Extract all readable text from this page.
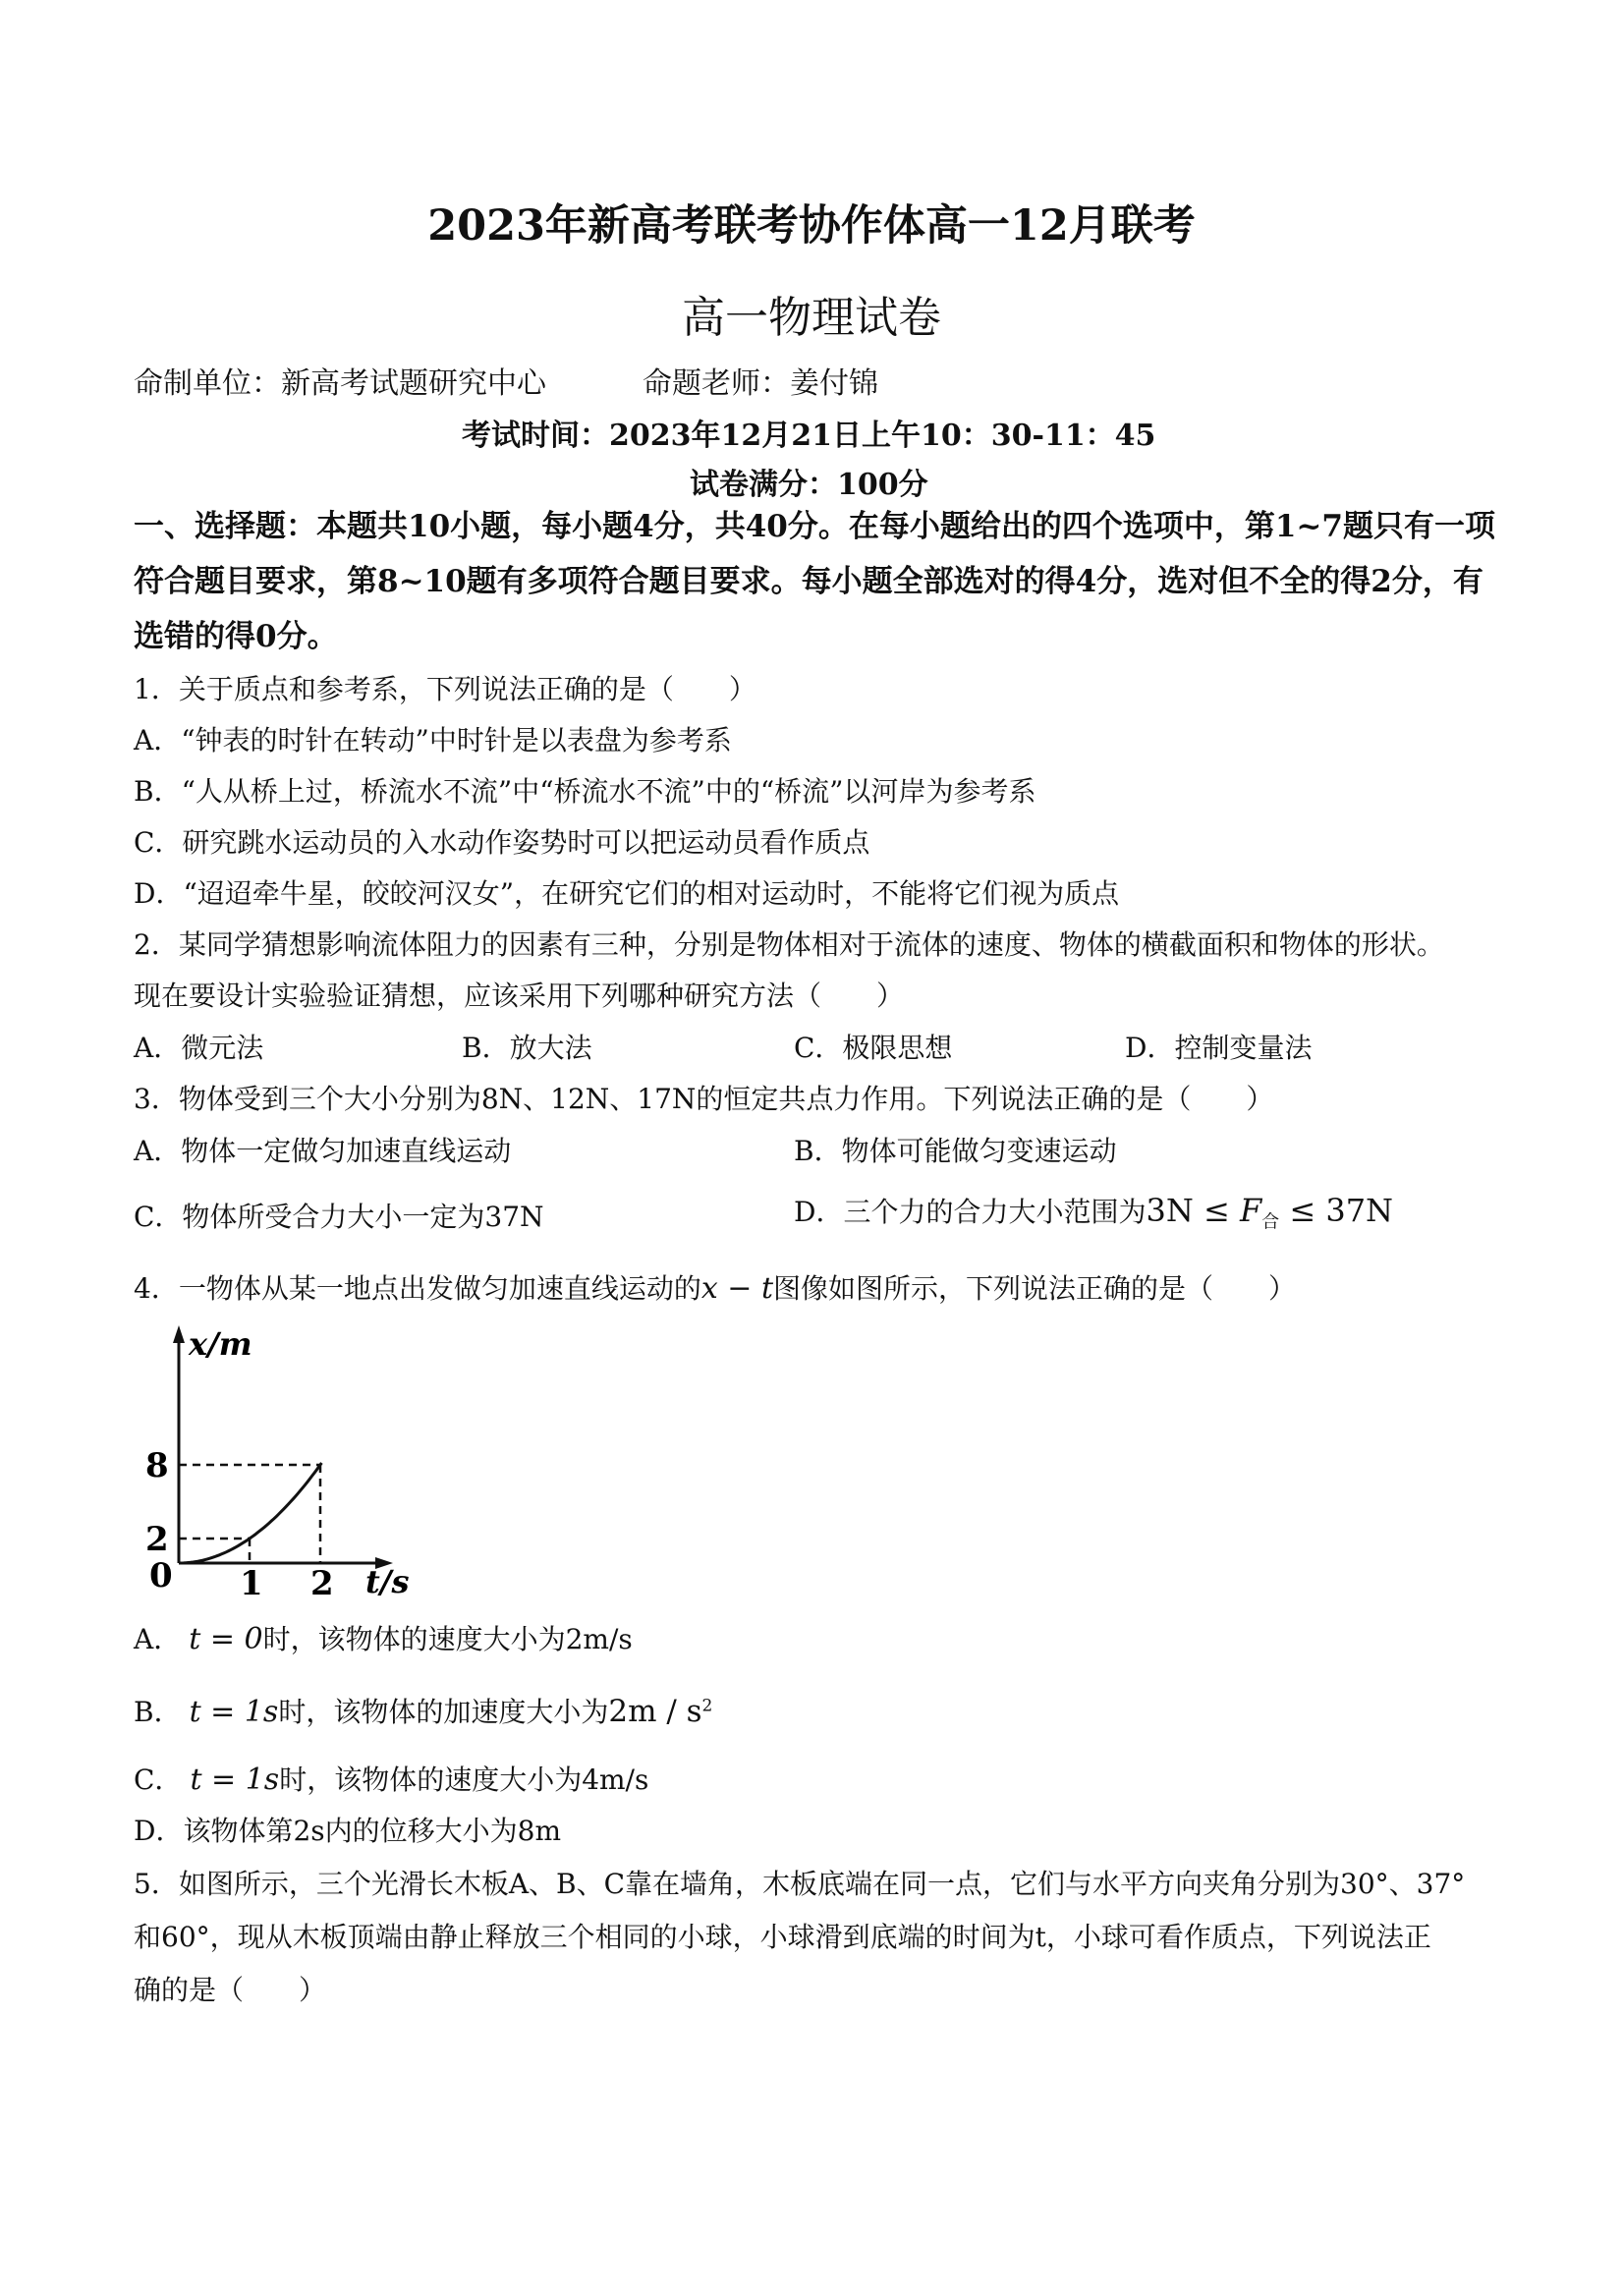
2023年新高考联考协作体高一12月联考
高一物理试卷
命制单位：新高考试题研究中心	命题老师：姜付锦
考试时间：2023年12月21日上午10：30-11：45
试卷满分：100分
一、选择题：本题共10小题，每小题4分，共40分。在每小题给出的四个选项中，第1~7题只有一项符合题目要求，第8~10题有多项符合题目要求。每小题全部选对的得4分，选对但不全的得2分，有选错的得0分。
1．关于质点和参考系，下列说法正确的是（　　）
A．“钟表的时针在转动”中时针是以表盘为参考系
B．“人从桥上过，桥流水不流”中“桥流水不流”中的“桥流”以河岸为参考系
C．研究跳水运动员的入水动作姿势时可以把运动员看作质点
D．“迢迢牵牛星，皎皎河汉女”，在研究它们的相对运动时，不能将它们视为质点
2．某同学猜想影响流体阻力的因素有三种，分别是物体相对于流体的速度、物体的横截面积和物体的形状。
现在要设计实验验证猜想，应该采用下列哪种研究方法（　　）
A．微元法	B．放大法	C．极限思想	D．控制变量法
3．物体受到三个大小分别为8N、12N、17N的恒定共点力作用。下列说法正确的是（　　）
A．物体一定做匀加速直线运动	B．物体可能做匀变速运动
C．物体所受合力大小一定为37N	D．三个力的合力大小范围为$3N \le F_合 \le 37N$
4．一物体从某一地点出发做匀加速直线运动的x − t图像如图所示，下列说法正确的是（　　）
x/m
t/s
0
2
8
1 2
A． t = 0时，该物体的速度大小为2m/s
B． t = 1s时，该物体的加速度大小为$2m / s^2$
C． t = 1s时，该物体的速度大小为4m/s
D．该物体第2s内的位移大小为8m
5．如图所示，三个光滑长木板A、B、C靠在墙角，木板底端在同一点，它们与水平方向夹角分别为30°、37°
和60°，现从木板顶端由静止释放三个相同的小球，小球滑到底端的时间为t，小球可看作质点，下列说法正
确的是（　　）
